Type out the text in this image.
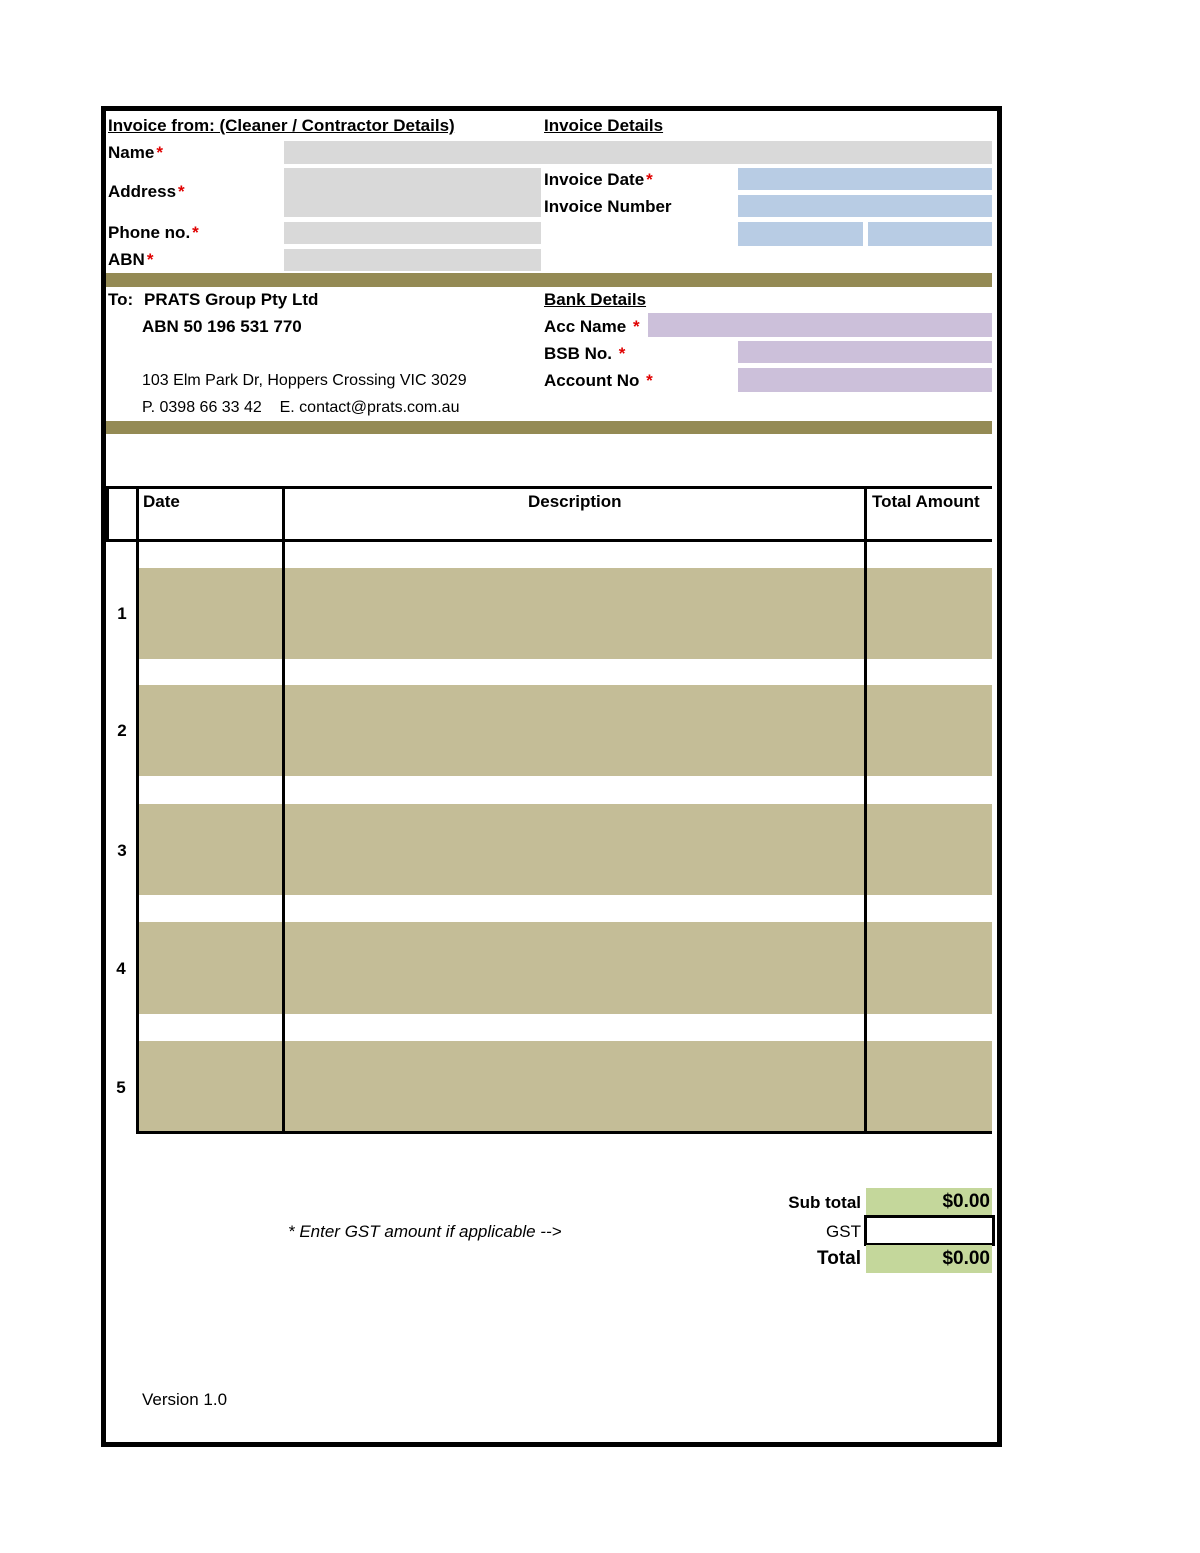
Invoice from: (Cleaner / Contractor Details)	Invoice Details
Name *
Address *
Phone no. *
ABN *
Invoice Date *
Invoice Number
To: PRATS Group Pty Ltd
ABN 50 196 531 770
103 Elm Park Dr, Hoppers Crossing VIC 3029
P. 0398 66 33 42    E. contact@prats.com.au
Bank Details
Acc Name *
BSB No. *
Account No *
Date	Description	Total Amount
1
2
3
4
5
* Enter GST amount if applicable -->
Sub total	$0.00
GST
Total	$0.00
Version 1.0
